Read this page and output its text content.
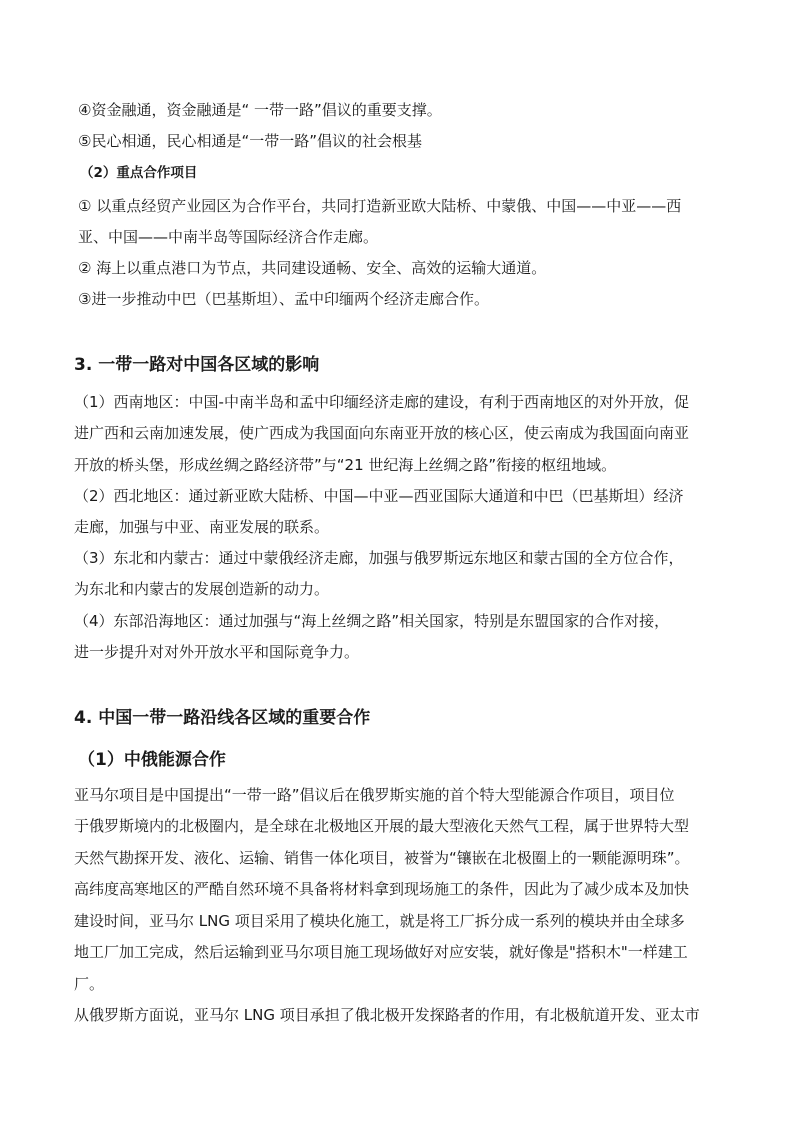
④资金融通，资金融通是“ 一带一路”倡议的重要支撑。
⑤民心相通，民心相通是“一带一路”倡议的社会根基
（2）重点合作项目
① 以重点经贸产业园区为合作平台，共同打造新亚欧大陆桥、中蒙俄、中国——中亚——西
亚、中国——中南半岛等国际经济合作走廊。
② 海上以重点港口为节点，共同建设通畅、安全、高效的运输大通道。
③进一步推动中巴（巴基斯坦）、孟中印缅两个经济走廊合作。
3. 一带一路对中国各区域的影响
（1）西南地区：中国-中南半岛和孟中印缅经济走廊的建设，有利于西南地区的对外开放，促
进广西和云南加速发展，使广西成为我国面向东南亚开放的核心区，使云南成为我国面向南亚
开放的桥头堡，形成丝绸之路经济带”与“21 世纪海上丝绸之路”衔接的枢纽地域。
（2）西北地区：通过新亚欧大陆桥、中国—中亚—西亚国际大通道和中巴（巴基斯坦）经济
走廊，加强与中亚、南亚发展的联系。
（3）东北和内蒙古：通过中蒙俄经济走廊，加强与俄罗斯远东地区和蒙古国的全方位合作，
为东北和内蒙古的发展创造新的动力。
（4）东部沿海地区：通过加强与“海上丝绸之路”相关国家，特别是东盟国家的合作对接，
进一步提升对对外开放水平和国际竟争力。
4. 中国一带一路沿线各区域的重要合作
（1）中俄能源合作
亚马尔项目是中国提出“一带一路”倡议后在俄罗斯实施的首个特大型能源合作项目，项目位
于俄罗斯境内的北极圈内，是全球在北极地区开展的最大型液化天然气工程，属于世界特大型
天然气勘探开发、液化、运输、销售一体化项目，被誉为“镶嵌在北极圈上的一颗能源明珠”。
高纬度高寒地区的严酷自然环境不具备将材料拿到现场施工的条件，因此为了减少成本及加快
建设时间，亚马尔 LNG 项目采用了模块化施工，就是将工厂拆分成一系列的模块并由全球多
地工厂加工完成，然后运输到亚马尔项目施工现场做好对应安装，就好像是"搭积木"一样建工
厂。
从俄罗斯方面说，亚马尔 LNG 项目承担了俄北极开发探路者的作用，有北极航道开发、亚太市
